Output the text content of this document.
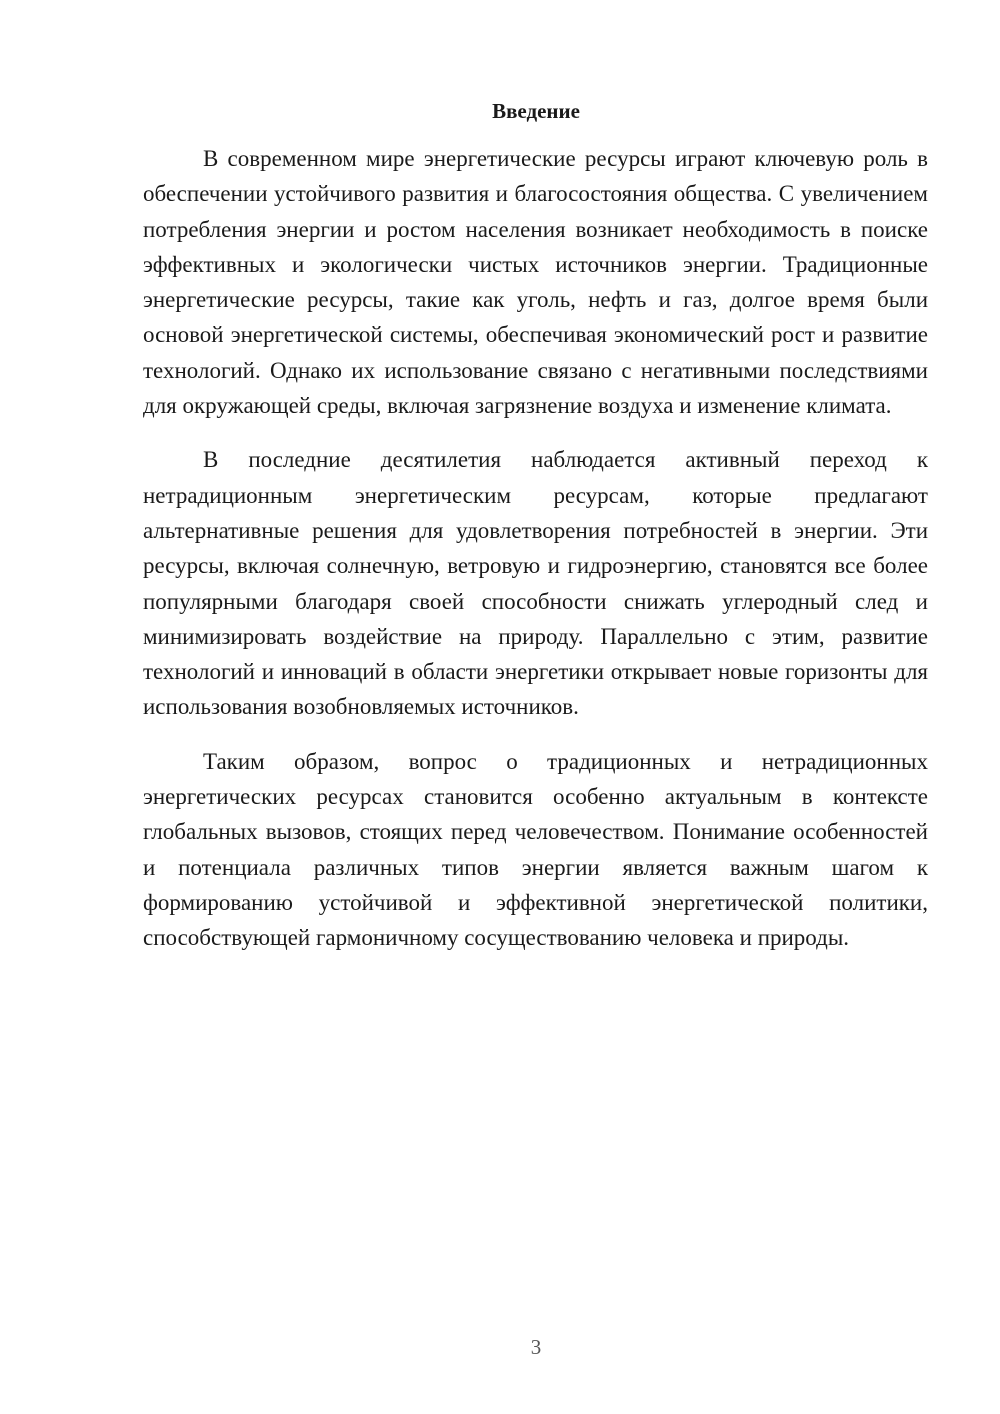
Введение

В современном мире энергетические ресурсы играют ключевую роль в обеспечении устойчивого развития и благосостояния общества. С увеличением потребления энергии и ростом населения возникает необходимость в поиске эффективных и экологически чистых источников энергии. Традиционные энергетические ресурсы, такие как уголь, нефть и газ, долгое время были основой энергетической системы, обеспечивая экономический рост и развитие технологий. Однако их использование связано с негативными последствиями для окружающей среды, включая загрязнение воздуха и изменение климата.

В последние десятилетия наблюдается активный переход к нетрадиционным энергетическим ресурсам, которые предлагают альтернативные решения для удовлетворения потребностей в энергии. Эти ресурсы, включая солнечную, ветровую и гидроэнергию, становятся все более популярными благодаря своей способности снижать углеродный след и минимизировать воздействие на природу. Параллельно с этим, развитие технологий и инноваций в области энергетики открывает новые горизонты для использования возобновляемых источников.

Таким образом, вопрос о традиционных и нетрадиционных энергетических ресурсах становится особенно актуальным в контексте глобальных вызовов, стоящих перед человечеством. Понимание особенностей и потенциала различных типов энергии является важным шагом к формированию устойчивой и эффективной энергетической политики, способствующей гармоничному сосуществованию человека и природы.

3
